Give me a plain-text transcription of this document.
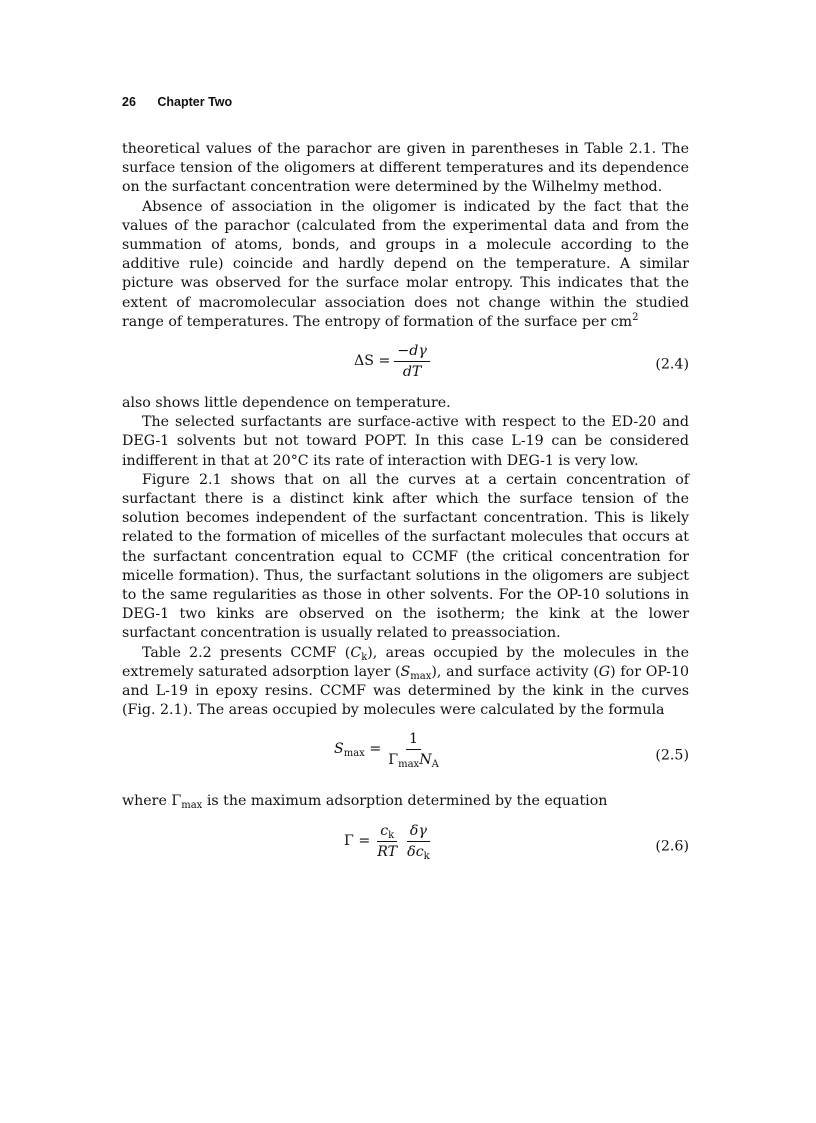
26 Chapter Two

theoretical values of the parachor are given in parentheses in Table 2.1. The surface tension of the oligomers at different temperatures and its dependence on the surfactant concentration were determined by the Wilhelmy method.

Absence of association in the oligomer is indicated by the fact that the values of the parachor (calculated from the experimental data and from the summation of atoms, bonds, and groups in a molecule according to the additive rule) coincide and hardly depend on the temperature. A similar picture was observed for the surface molar entropy. This indicates that the extent of macromolecular association does not change within the studied range of temperatures. The entropy of formation of the surface per $cm^2$

$\Delta S = \frac{-d\gamma}{dT}$	(2.4)

also shows little dependence on temperature.

The selected surfactants are surface-active with respect to the ED-20 and DEG-1 solvents but not toward POPT. In this case L-19 can be considered indifferent in that at 20°C its rate of interaction with DEG-1 is very low.

Figure 2.1 shows that on all the curves at a certain concentration of surfactant there is a distinct kink after which the surface tension of the solution becomes independent of the surfactant concentration. This is likely related to the formation of micelles of the surfactant molecules that occurs at the surfactant concentration equal to CCMF (the critical concentration for micelle formation). Thus, the surfactant solutions in the oligomers are subject to the same regularities as those in other solvents. For the OP-10 solutions in DEG-1 two kinks are observed on the isotherm; the kink at the lower surfactant concentration is usually related to preassociation.

Table 2.2 presents CCMF $(C_k)$, areas occupied by the molecules in the extremely saturated adsorption layer $(S_{max})$, and surface activity (G) for OP-10 and L-19 in epoxy resins. CCMF was determined by the kink in the curves (Fig. 2.1). The areas occupied by molecules were calculated by the formula

$S_{max} = \frac{1}{\Gamma_{max}N_A}$	(2.5)

where $\Gamma_{max}$ is the maximum adsorption determined by the equation

$\Gamma = \frac{c_k}{RT} \frac{\delta\gamma}{\delta c_k}$	(2.6)
